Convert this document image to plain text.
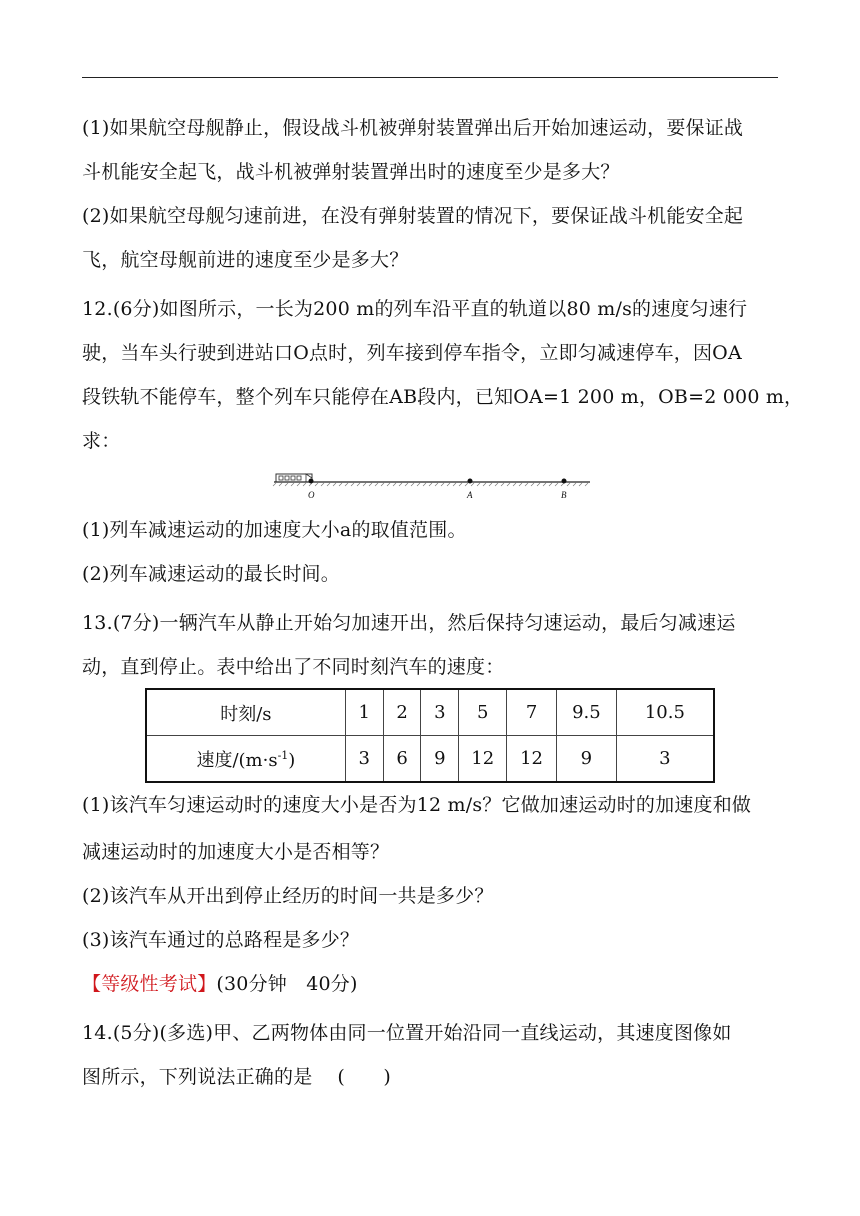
(1)如果航空母舰静止，假设战斗机被弹射装置弹出后开始加速运动，要保证战
斗机能安全起飞，战斗机被弹射装置弹出时的速度至少是多大？
(2)如果航空母舰匀速前进，在没有弹射装置的情况下，要保证战斗机能安全起
飞，航空母舰前进的速度至少是多大？
12.(6分)如图所示，一长为200 m的列车沿平直的轨道以80 m/s的速度匀速行
驶，当车头行驶到进站口O点时，列车接到停车指令，立即匀减速停车，因OA
段铁轨不能停车，整个列车只能停在AB段内，已知OA=1 200 m，OB=2 000 m，
求：
O	A	B
(1)列车减速运动的加速度大小a的取值范围。
(2)列车减速运动的最长时间。
13.(7分)一辆汽车从静止开始匀加速开出，然后保持匀速运动，最后匀减速运
动，直到停止。表中给出了不同时刻汽车的速度：
时刻/s	1	2	3	5	7	9.5	10.5
速度$/(m\cdot s^{-1})$	3	6	9	12	12	9	3
(1)该汽车匀速运动时的速度大小是否为12 m/s？它做加速运动时的加速度和做
减速运动时的加速度大小是否相等？
(2)该汽车从开出到停止经历的时间一共是多少？
(3)该汽车通过的总路程是多少？
【等级性考试】(30分钟　40分)
14.(5分)(多选)甲、乙两物体由同一位置开始沿同一直线运动，其速度图像如
图所示，下列说法正确的是 (　　)
